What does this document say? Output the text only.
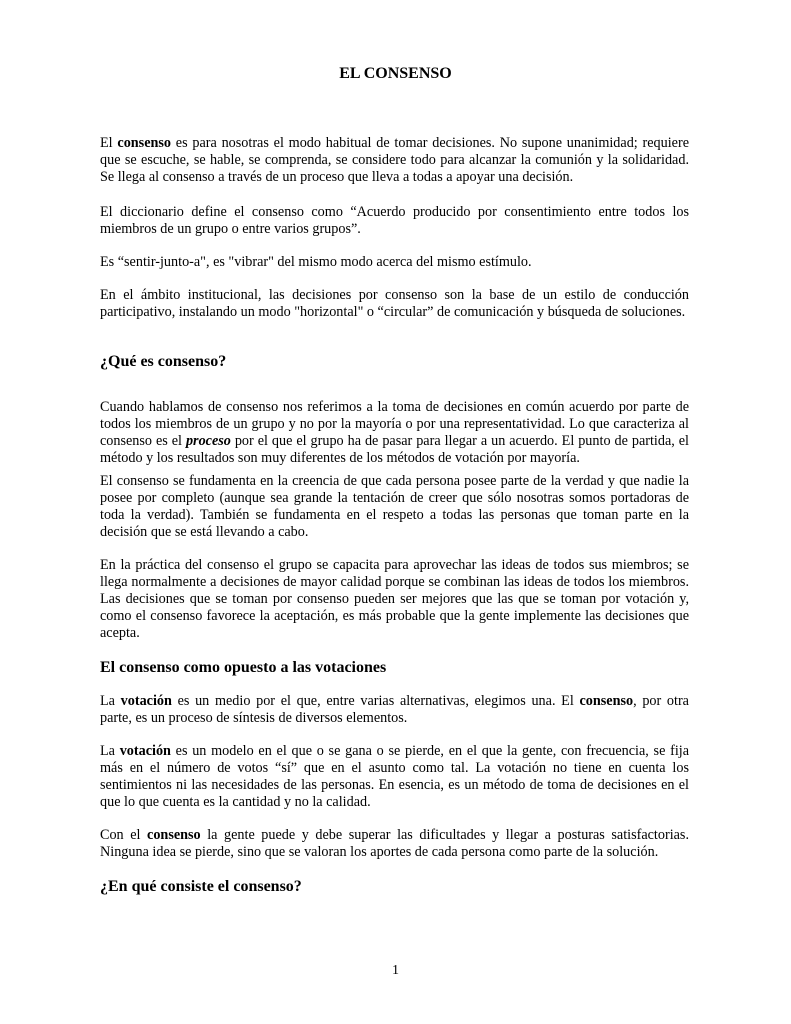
EL CONSENSO

El consenso es para nosotras el modo habitual de tomar decisiones. No supone unanimidad; requiere que se escuche, se hable, se comprenda, se considere todo para alcanzar la comunión y la solidaridad. Se llega al consenso a través de un proceso que lleva a todas a apoyar una decisión.

El diccionario define el consenso como “Acuerdo producido por consentimiento entre todos los miembros de un grupo o entre varios grupos”.

Es “sentir-junto-a", es "vibrar" del mismo modo acerca del mismo estímulo.

En el ámbito institucional, las decisiones por consenso son la base de un estilo de conducción participativo, instalando un modo "horizontal" o “circular” de comunicación y búsqueda de soluciones.

¿Qué es consenso?

Cuando hablamos de consenso nos referimos a la toma de decisiones en común acuerdo por parte de todos los miembros de un grupo y no por la mayoría o por una representatividad. Lo que caracteriza al consenso es el proceso por el que el grupo ha de pasar para llegar a un acuerdo. El punto de partida, el método y los resultados son muy diferentes de los métodos de votación por mayoría.

El consenso se fundamenta en la creencia de que cada persona posee parte de la verdad y que nadie la posee por completo (aunque sea grande la tentación de creer que sólo nosotras somos portadoras de toda la verdad). También se fundamenta en el respeto a todas las personas que toman parte en la decisión que se está llevando a cabo.

En la práctica del consenso el grupo se capacita para aprovechar las ideas de todos sus miembros; se llega normalmente a decisiones de mayor calidad porque se combinan las ideas de todos los miembros. Las decisiones que se toman por consenso pueden ser mejores que las que se toman por votación y, como el consenso favorece la aceptación, es más probable que la gente implemente las decisiones que acepta.

El consenso como opuesto a las votaciones

La votación es un medio por el que, entre varias alternativas, elegimos una. El consenso, por otra parte, es un proceso de síntesis de diversos elementos.

La votación es un modelo en el que o se gana o se pierde, en el que la gente, con frecuencia, se fija más en el número de votos “sí” que en el asunto como tal. La votación no tiene en cuenta los sentimientos ni las necesidades de las personas. En esencia, es un método de toma de decisiones en el que lo que cuenta es la cantidad y no la calidad.

Con el consenso la gente puede y debe superar las dificultades y llegar a posturas satisfactorias. Ninguna idea se pierde, sino que se valoran los aportes de cada persona como parte de la solución.

¿En qué consiste el consenso?
1
